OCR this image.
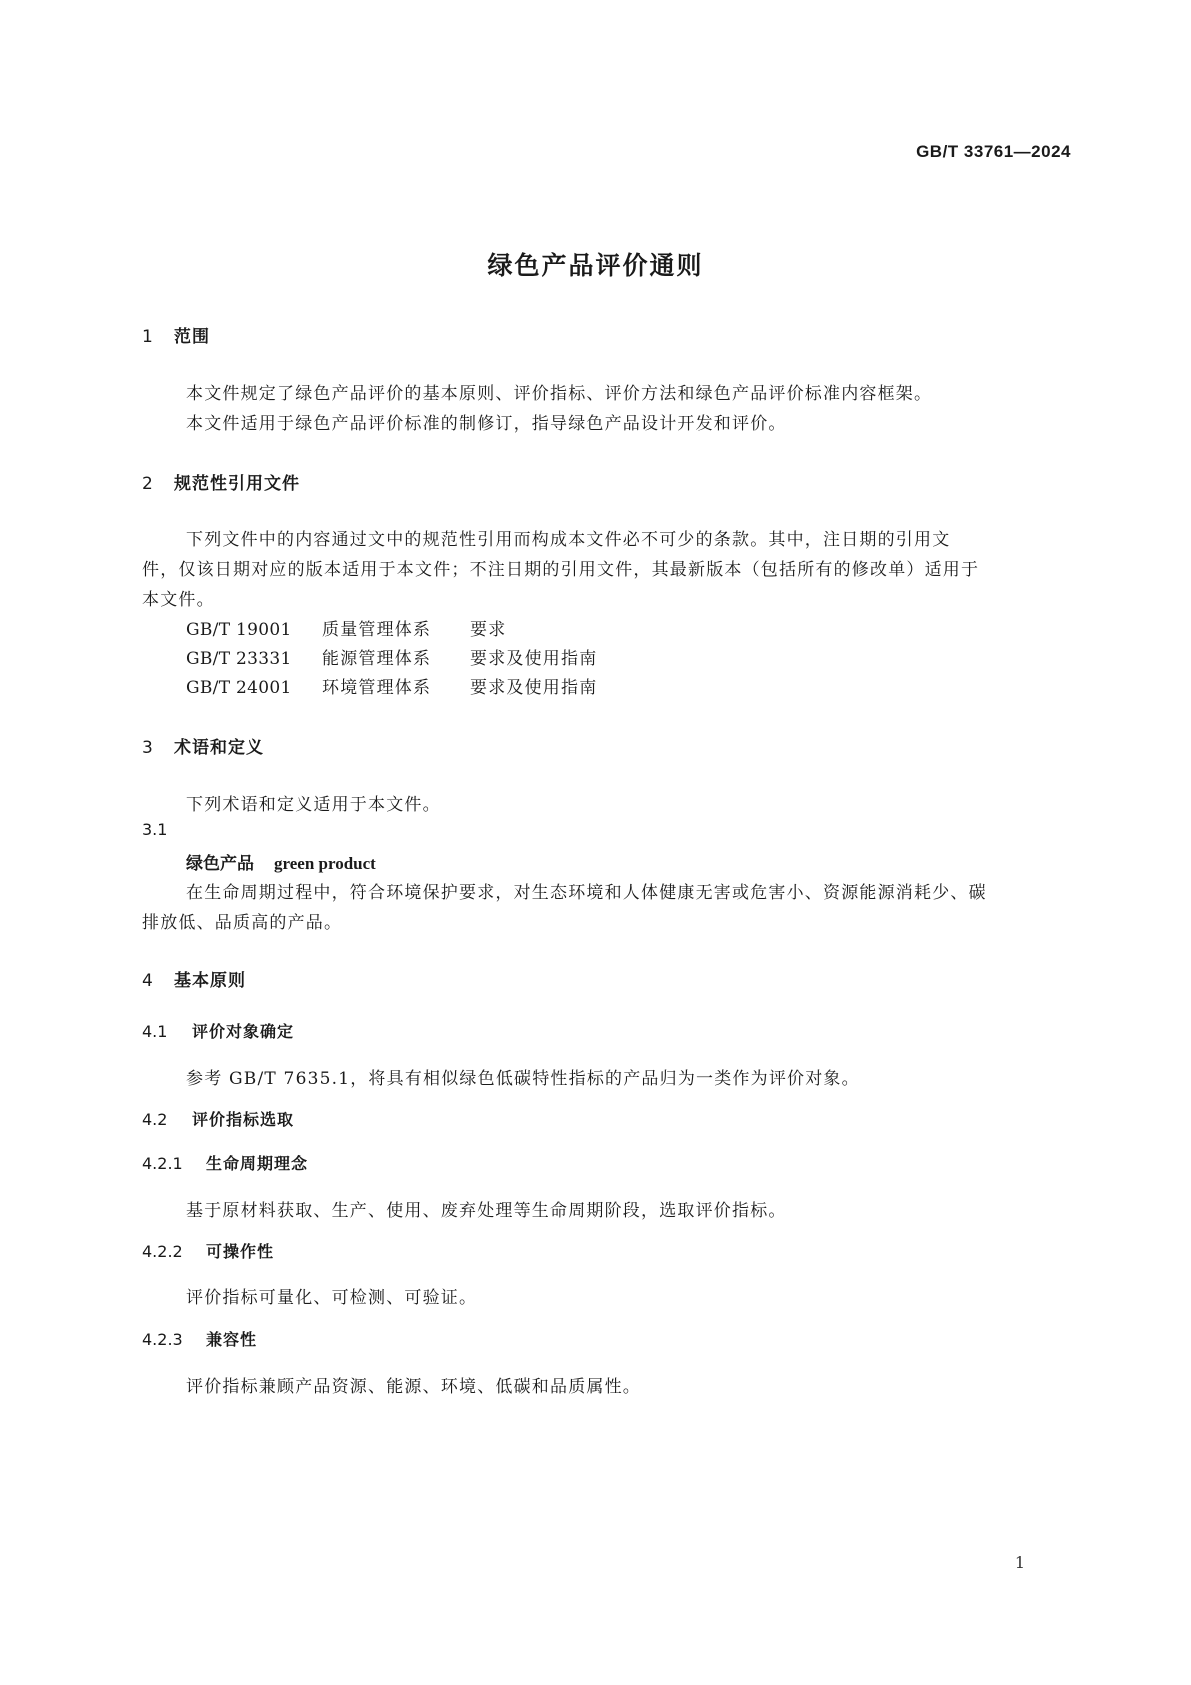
GB/T 33761—2024
绿色产品评价通则
1 范围
本文件规定了绿色产品评价的基本原则、评价指标、评价方法和绿色产品评价标准内容框架。
本文件适用于绿色产品评价标准的制修订，指导绿色产品设计开发和评价。
2 规范性引用文件
下列文件中的内容通过文中的规范性引用而构成本文件必不可少的条款。其中，注日期的引用文
件，仅该日期对应的版本适用于本文件；不注日期的引用文件，其最新版本（包括所有的修改单）适用于
本文件。
GB/T 19001 质量管理体系 要求
GB/T 23331 能源管理体系 要求及使用指南
GB/T 24001 环境管理体系 要求及使用指南
3 术语和定义
下列术语和定义适用于本文件。
3.1
绿色产品 green product
在生命周期过程中，符合环境保护要求，对生态环境和人体健康无害或危害小、资源能源消耗少、碳
排放低、品质高的产品。
4 基本原则
4.1 评价对象确定
参考 GB/T 7635.1，将具有相似绿色低碳特性指标的产品归为一类作为评价对象。
4.2 评价指标选取
4.2.1 生命周期理念
基于原材料获取、生产、使用、废弃处理等生命周期阶段，选取评价指标。
4.2.2 可操作性
评价指标可量化、可检测、可验证。
4.2.3 兼容性
评价指标兼顾产品资源、能源、环境、低碳和品质属性。
1
